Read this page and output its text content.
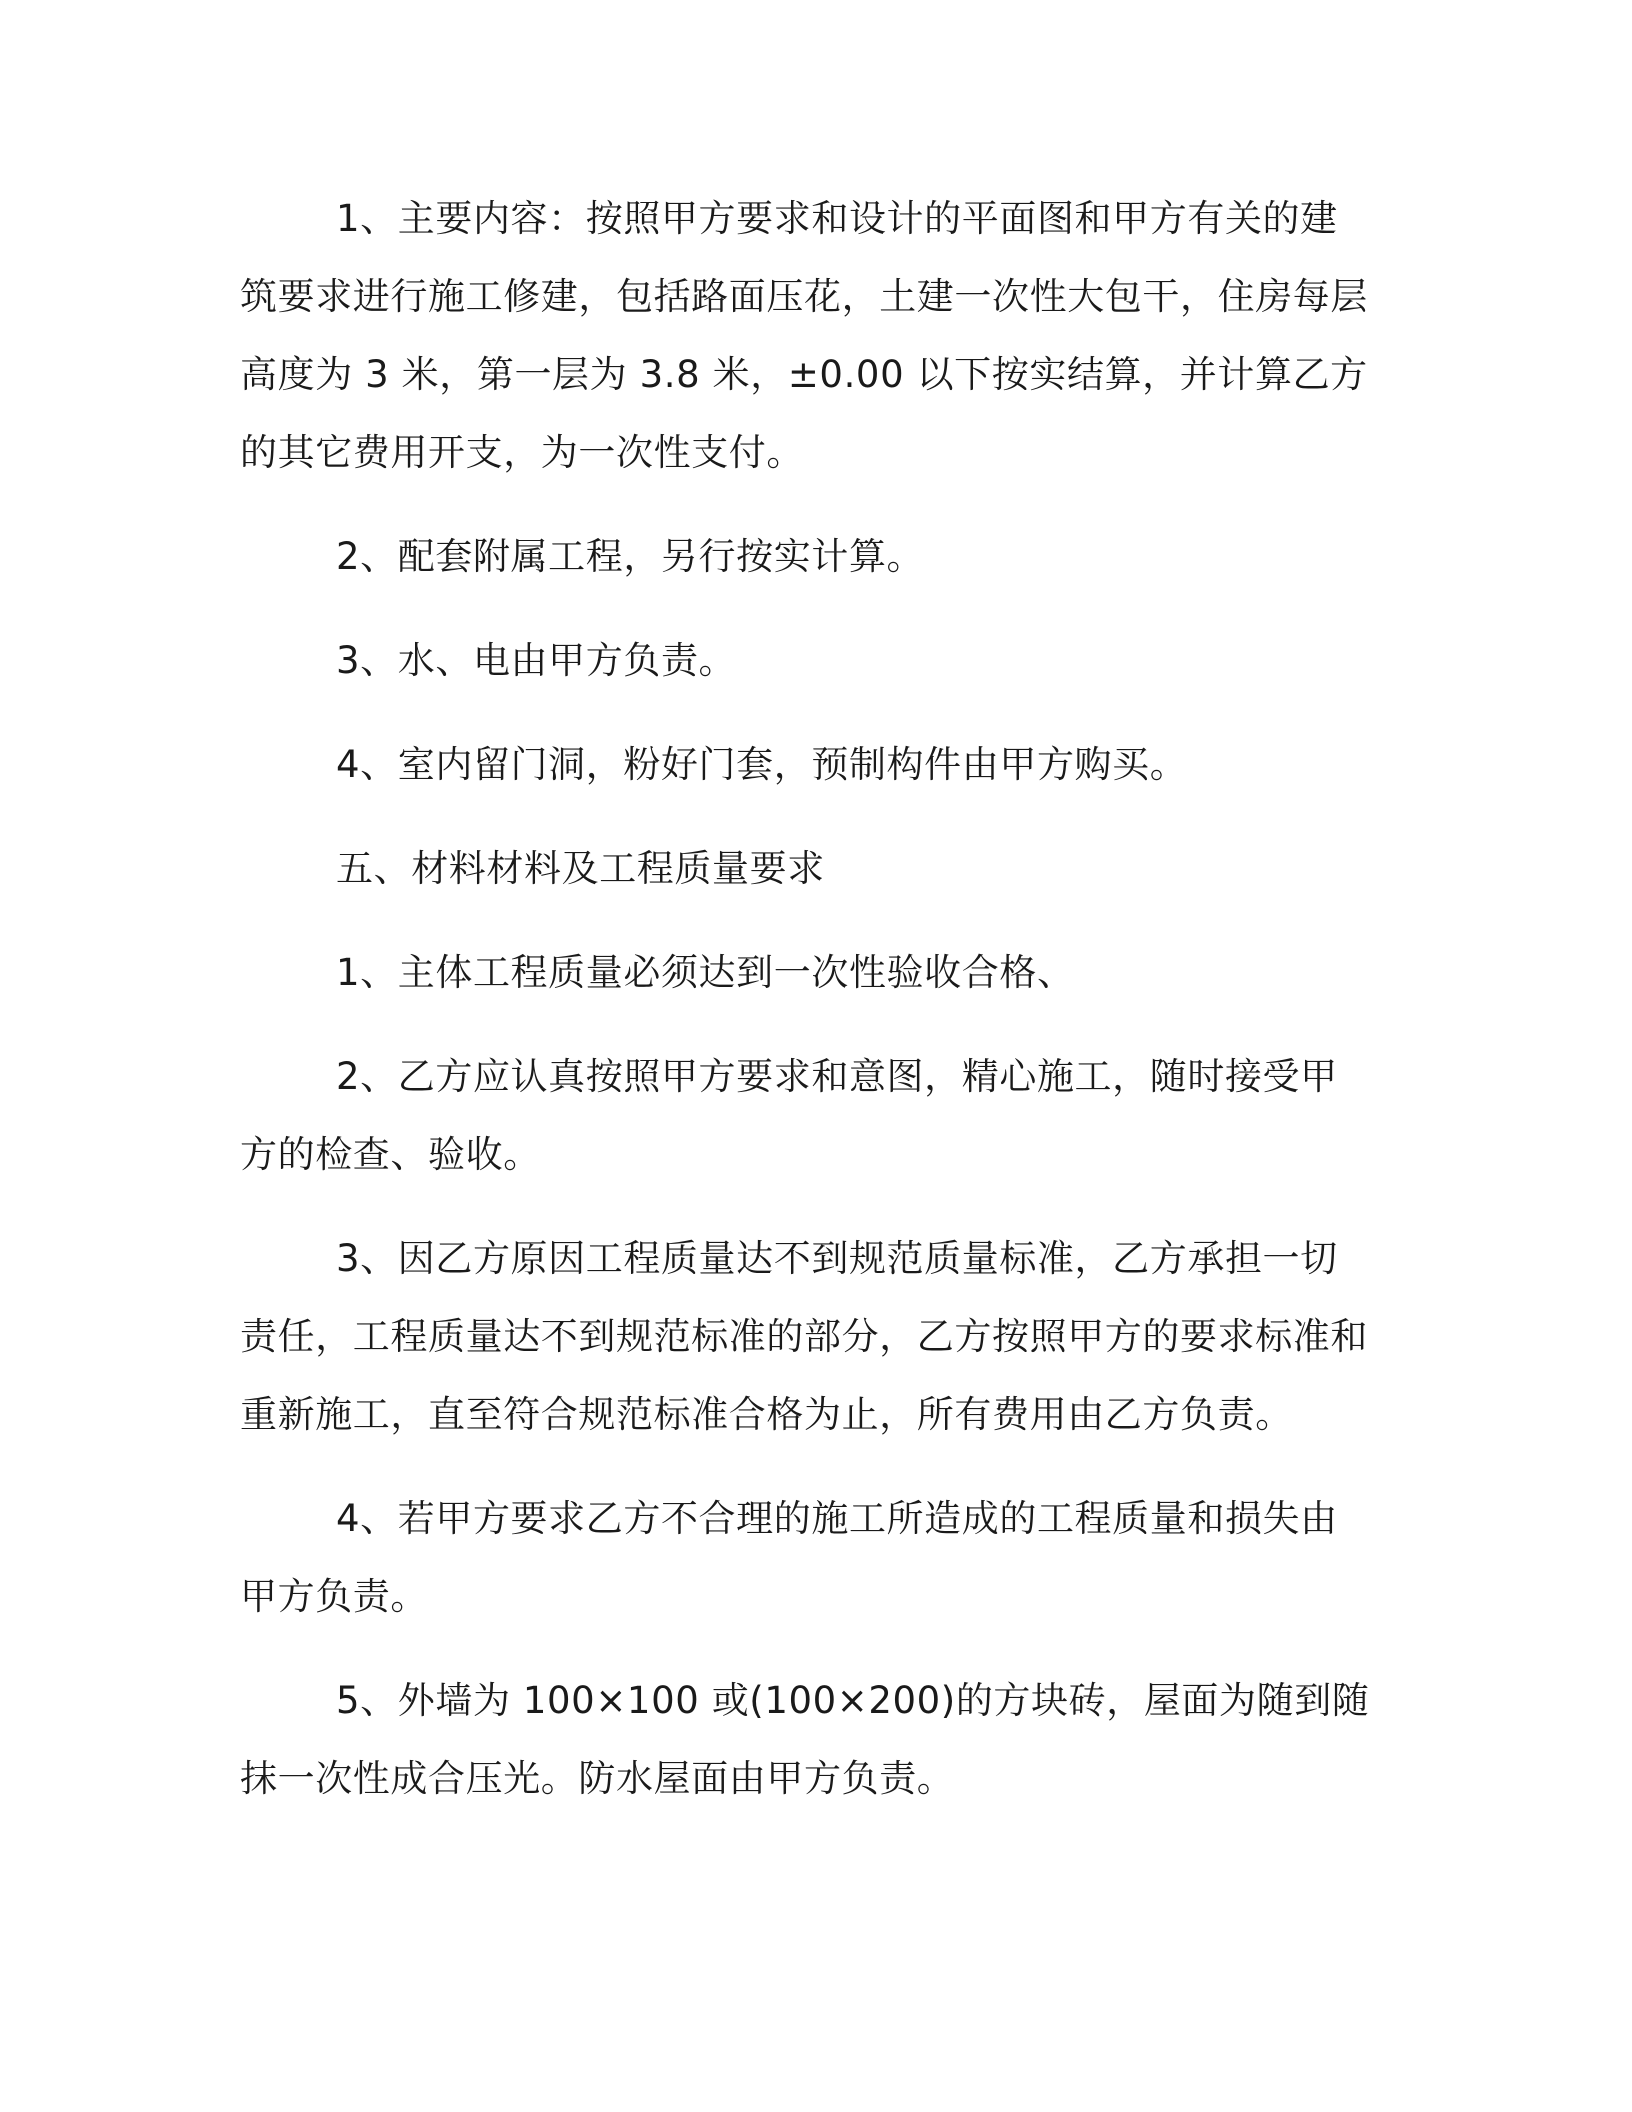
1、主要内容：按照甲方要求和设计的平面图和甲方有关的建筑要求进行施工修建，包括路面压花，土建一次性大包干，住房每层高度为 3 米，第一层为 3.8 米，±0.00 以下按实结算，并计算乙方的其它费用开支，为一次性支付。

2、配套附属工程，另行按实计算。

3、水、电由甲方负责。

4、室内留门洞，粉好门套，预制构件由甲方购买。

五、材料材料及工程质量要求

1、主体工程质量必须达到一次性验收合格、

2、乙方应认真按照甲方要求和意图，精心施工，随时接受甲方的检查、验收。

3、因乙方原因工程质量达不到规范质量标准，乙方承担一切责任，工程质量达不到规范标准的部分，乙方按照甲方的要求标准和重新施工，直至符合规范标准合格为止，所有费用由乙方负责。

4、若甲方要求乙方不合理的施工所造成的工程质量和损失由甲方负责。

5、外墙为 100×100 或(100×200)的方块砖，屋面为随到随抹一次性成合压光。防水屋面由甲方负责。
